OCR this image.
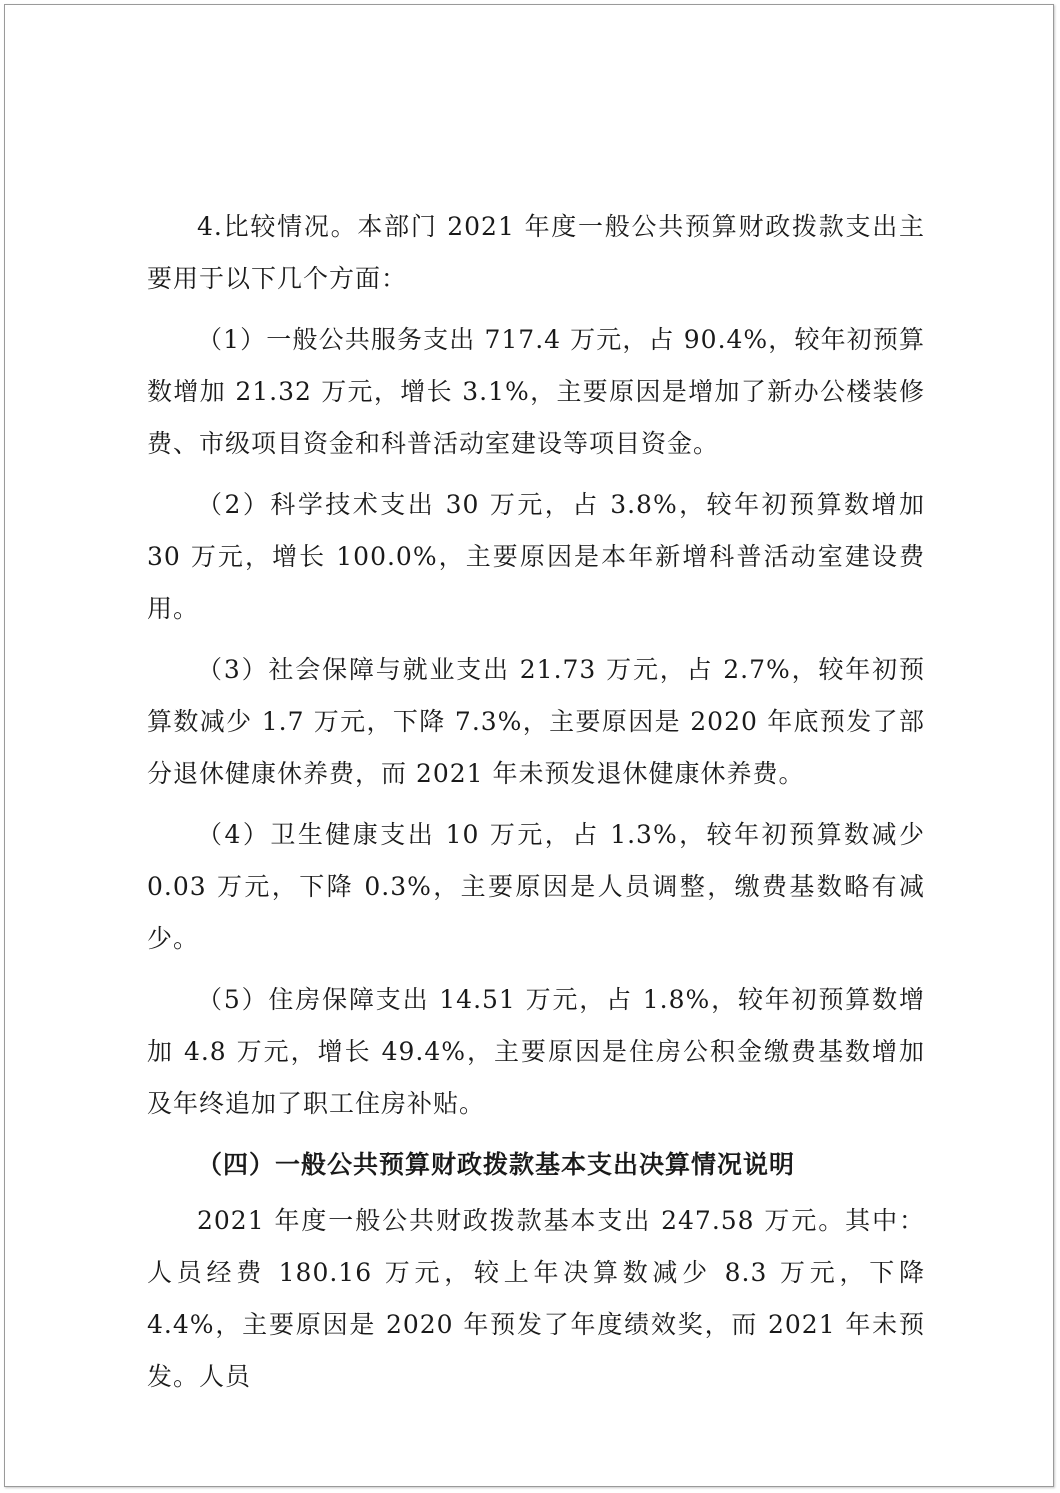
4.比较情况。本部门 2021 年度一般公共预算财政拨款支出主要用于以下几个方面：

（1）一般公共服务支出 717.4 万元，占 90.4%，较年初预算数增加 21.32 万元，增长 3.1%，主要原因是增加了新办公楼装修费、市级项目资金和科普活动室建设等项目资金。

（2）科学技术支出 30 万元，占 3.8%，较年初预算数增加 30 万元，增长 100.0%，主要原因是本年新增科普活动室建设费用。

（3）社会保障与就业支出 21.73 万元，占 2.7%，较年初预算数减少 1.7 万元，下降 7.3%，主要原因是 2020 年底预发了部分退休健康休养费，而 2021 年未预发退休健康休养费。

（4）卫生健康支出 10 万元，占 1.3%，较年初预算数减少 0.03 万元，下降 0.3%，主要原因是人员调整，缴费基数略有减少。

（5）住房保障支出 14.51 万元，占 1.8%，较年初预算数增加 4.8 万元，增长 49.4%，主要原因是住房公积金缴费基数增加及年终追加了职工住房补贴。

（四）一般公共预算财政拨款基本支出决算情况说明

2021 年度一般公共财政拨款基本支出 247.58 万元。其中：人员经费 180.16 万元，较上年决算数减少 8.3 万元，下降 4.4%，主要原因是 2020 年预发了年度绩效奖，而 2021 年未预发。人员
